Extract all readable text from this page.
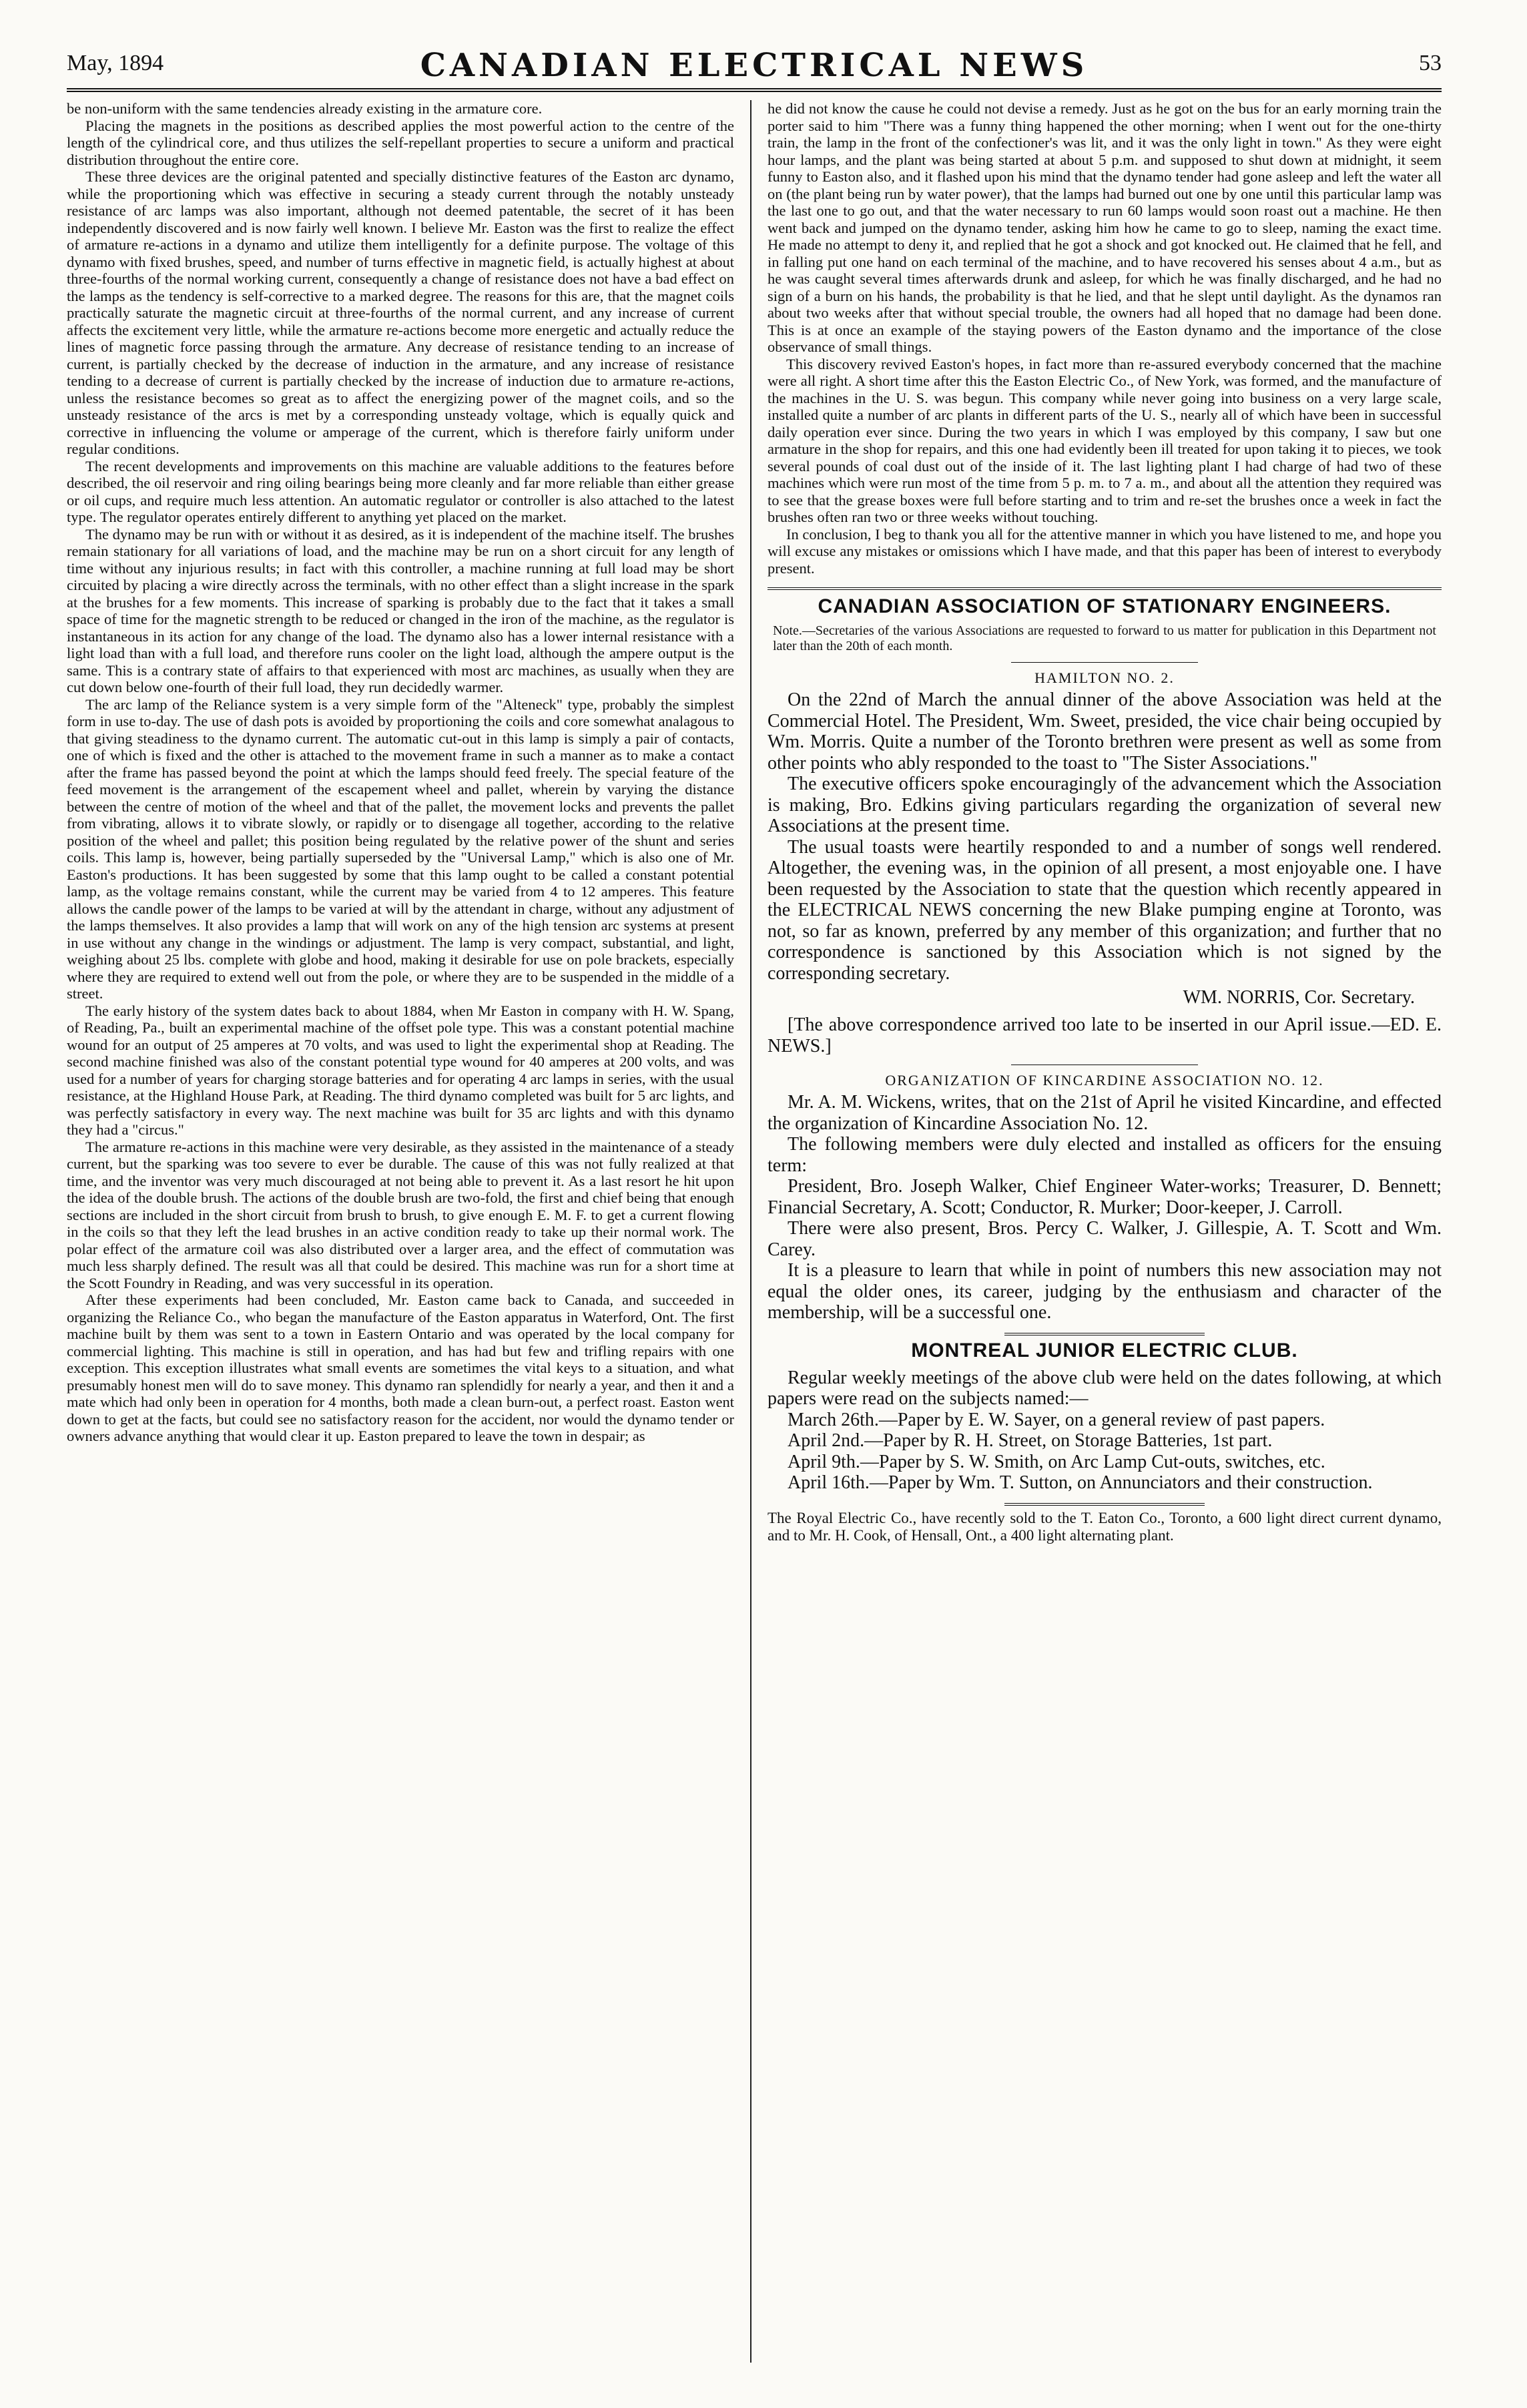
May, 1894	CANADIAN ELECTRICAL NEWS	53

be non-uniform with the same tendencies already existing in the armature core.

Placing the magnets in the positions as described applies the most powerful action to the centre of the length of the cylindrical core, and thus utilizes the self-repellant properties to secure a uniform and practical distribution throughout the entire core.

These three devices are the original patented and specially distinctive features of the Easton arc dynamo, while the proportioning which was effective in securing a steady current through the notably unsteady resistance of arc lamps was also important, although not deemed patentable, the secret of it has been independently discovered and is now fairly well known. I believe Mr. Easton was the first to realize the effect of armature re-actions in a dynamo and utilize them intelligently for a definite purpose. The voltage of this dynamo with fixed brushes, speed, and number of turns effective in magnetic field, is actually highest at about three-fourths of the normal working current, consequently a change of resistance does not have a bad effect on the lamps as the tendency is self-corrective to a marked degree. The reasons for this are, that the magnet coils practically saturate the magnetic circuit at three-fourths of the normal current, and any increase of current affects the excitement very little, while the armature re-actions become more energetic and actually reduce the lines of magnetic force passing through the armature. Any decrease of resistance tending to an increase of current, is partially checked by the decrease of induction in the armature, and any increase of resistance tending to a decrease of current is partially checked by the increase of induction due to armature re-actions, unless the resistance becomes so great as to affect the energizing power of the magnet coils, and so the unsteady resistance of the arcs is met by a corresponding unsteady voltage, which is equally quick and corrective in influencing the volume or amperage of the current, which is therefore fairly uniform under regular conditions.

The recent developments and improvements on this machine are valuable additions to the features before described, the oil reservoir and ring oiling bearings being more cleanly and far more reliable than either grease or oil cups, and require much less attention. An automatic regulator or controller is also attached to the latest type. The regulator operates entirely different to anything yet placed on the market.

The dynamo may be run with or without it as desired, as it is independent of the machine itself. The brushes remain stationary for all variations of load, and the machine may be run on a short circuit for any length of time without any injurious results; in fact with this controller, a machine running at full load may be short circuited by placing a wire directly across the terminals, with no other effect than a slight increase in the spark at the brushes for a few moments. This increase of sparking is probably due to the fact that it takes a small space of time for the magnetic strength to be reduced or changed in the iron of the machine, as the regulator is instantaneous in its action for any change of the load. The dynamo also has a lower internal resistance with a light load than with a full load, and therefore runs cooler on the light load, although the ampere output is the same. This is a contrary state of affairs to that experienced with most arc machines, as usually when they are cut down below one-fourth of their full load, they run decidedly warmer.

The arc lamp of the Reliance system is a very simple form of the "Alteneck" type, probably the simplest form in use to-day. The use of dash pots is avoided by proportioning the coils and core somewhat analagous to that giving steadiness to the dynamo current. The automatic cut-out in this lamp is simply a pair of contacts, one of which is fixed and the other is attached to the movement frame in such a manner as to make a contact after the frame has passed beyond the point at which the lamps should feed freely. The special feature of the feed movement is the arrangement of the escapement wheel and pallet, wherein by varying the distance between the centre of motion of the wheel and that of the pallet, the movement locks and prevents the pallet from vibrating, allows it to vibrate slowly, or rapidly or to disengage all together, according to the relative position of the wheel and pallet; this position being regulated by the relative power of the shunt and series coils. This lamp is, however, being partially superseded by the "Universal Lamp," which is also one of Mr. Easton's productions. It has been suggested by some that this lamp ought to be called a constant potential lamp, as the voltage remains constant, while the current may be varied from 4 to 12 amperes. This feature allows the candle power of the lamps to be varied at will by the attendant in charge, without any adjustment of the lamps themselves. It also provides a lamp that will work on any of the high tension arc systems at present in use without any change in the windings or adjustment. The lamp is very compact, substantial, and light, weighing about 25 lbs. complete with globe and hood, making it desirable for use on pole brackets, especially where they are required to extend well out from the pole, or where they are to be suspended in the middle of a street.

The early history of the system dates back to about 1884, when Mr Easton in company with H. W. Spang, of Reading, Pa., built an experimental machine of the offset pole type. This was a constant potential machine wound for an output of 25 amperes at 70 volts, and was used to light the experimental shop at Reading. The second machine finished was also of the constant potential type wound for 40 amperes at 200 volts, and was used for a number of years for charging storage batteries and for operating 4 arc lamps in series, with the usual resistance, at the Highland House Park, at Reading. The third dynamo completed was built for 5 arc lights, and was perfectly satisfactory in every way. The next machine was built for 35 arc lights and with this dynamo they had a "circus."

The armature re-actions in this machine were very desirable, as they assisted in the maintenance of a steady current, but the sparking was too severe to ever be durable. The cause of this was not fully realized at that time, and the inventor was very much discouraged at not being able to prevent it. As a last resort he hit upon the idea of the double brush. The actions of the double brush are two-fold, the first and chief being that enough sections are included in the short circuit from brush to brush, to give enough E. M. F. to get a current flowing in the coils so that they left the lead brushes in an active condition ready to take up their normal work. The polar effect of the armature coil was also distributed over a larger area, and the effect of commutation was much less sharply defined. The result was all that could be desired. This machine was run for a short time at the Scott Foundry in Reading, and was very successful in its operation.

After these experiments had been concluded, Mr. Easton came back to Canada, and succeeded in organizing the Reliance Co., who began the manufacture of the Easton apparatus in Waterford, Ont. The first machine built by them was sent to a town in Eastern Ontario and was operated by the local company for commercial lighting. This machine is still in operation, and has had but few and trifling repairs with one exception. This exception illustrates what small events are sometimes the vital keys to a situation, and what presumably honest men will do to save money. This dynamo ran splendidly for nearly a year, and then it and a mate which had only been in operation for 4 months, both made a clean burn-out, a perfect roast. Easton went down to get at the facts, but could see no satisfactory reason for the accident, nor would the dynamo tender or owners advance anything that would clear it up. Easton prepared to leave the town in despair; as

he did not know the cause he could not devise a remedy. Just as he got on the bus for an early morning train the porter said to him "There was a funny thing happened the other morning; when I went out for the one-thirty train, the lamp in the front of the confectioner's was lit, and it was the only light in town." As they were eight hour lamps, and the plant was being started at about 5 p.m. and supposed to shut down at midnight, it seem funny to Easton also, and it flashed upon his mind that the dynamo tender had gone asleep and left the water all on (the plant being run by water power), that the lamps had burned out one by one until this particular lamp was the last one to go out, and that the water necessary to run 60 lamps would soon roast out a machine. He then went back and jumped on the dynamo tender, asking him how he came to go to sleep, naming the exact time. He made no attempt to deny it, and replied that he got a shock and got knocked out. He claimed that he fell, and in falling put one hand on each terminal of the machine, and to have recovered his senses about 4 a.m., but as he was caught several times afterwards drunk and asleep, for which he was finally discharged, and he had no sign of a burn on his hands, the probability is that he lied, and that he slept until daylight. As the dynamos ran about two weeks after that without special trouble, the owners had all hoped that no damage had been done. This is at once an example of the staying powers of the Easton dynamo and the importance of the close observance of small things.

This discovery revived Easton's hopes, in fact more than re-assured everybody concerned that the machine were all right. A short time after this the Easton Electric Co., of New York, was formed, and the manufacture of the machines in the U. S. was begun. This company while never going into business on a very large scale, installed quite a number of arc plants in different parts of the U. S., nearly all of which have been in successful daily operation ever since. During the two years in which I was employed by this company, I saw but one armature in the shop for repairs, and this one had evidently been ill treated for upon taking it to pieces, we took several pounds of coal dust out of the inside of it. The last lighting plant I had charge of had two of these machines which were run most of the time from 5 p. m. to 7 a. m., and about all the attention they required was to see that the grease boxes were full before starting and to trim and re-set the brushes once a week in fact the brushes often ran two or three weeks without touching.

In conclusion, I beg to thank you all for the attentive manner in which you have listened to me, and hope you will excuse any mistakes or omissions which I have made, and that this paper has been of interest to everybody present.

CANADIAN ASSOCIATION OF STATIONARY ENGINEERS.
Note.—Secretaries of the various Associations are requested to forward to us matter for publication in this Department not later than the 20th of each month.
HAMILTON NO. 2.

On the 22nd of March the annual dinner of the above Association was held at the Commercial Hotel. The President, Wm. Sweet, presided, the vice chair being occupied by Wm. Morris. Quite a number of the Toronto brethren were present as well as some from other points who ably responded to the toast to "The Sister Associations."

The executive officers spoke encouragingly of the advancement which the Association is making, Bro. Edkins giving particulars regarding the organization of several new Associations at the present time.

The usual toasts were heartily responded to and a number of songs well rendered. Altogether, the evening was, in the opinion of all present, a most enjoyable one. I have been requested by the Association to state that the question which recently appeared in the ELECTRICAL NEWS concerning the new Blake pumping engine at Toronto, was not, so far as known, preferred by any member of this organization; and further that no correspondence is sanctioned by this Association which is not signed by the corresponding secretary.

WM. NORRIS, Cor. Secretary.

[The above correspondence arrived too late to be inserted in our April issue.—ED. E. NEWS.]

ORGANIZATION OF KINCARDINE ASSOCIATION NO. 12.

Mr. A. M. Wickens, writes, that on the 21st of April he visited Kincardine, and effected the organization of Kincardine Association No. 12.

The following members were duly elected and installed as officers for the ensuing term:

President, Bro. Joseph Walker, Chief Engineer Water-works; Treasurer, D. Bennett; Financial Secretary, A. Scott; Conductor, R. Murker; Door-keeper, J. Carroll.

There were also present, Bros. Percy C. Walker, J. Gillespie, A. T. Scott and Wm. Carey.

It is a pleasure to learn that while in point of numbers this new association may not equal the older ones, its career, judging by the enthusiasm and character of the membership, will be a successful one.

MONTREAL JUNIOR ELECTRIC CLUB.

Regular weekly meetings of the above club were held on the dates following, at which papers were read on the subjects named:—

March 26th.—Paper by E. W. Sayer, on a general review of past papers.

April 2nd.—Paper by R. H. Street, on Storage Batteries, 1st part.

April 9th.—Paper by S. W. Smith, on Arc Lamp Cut-outs, switches, etc.

April 16th.—Paper by Wm. T. Sutton, on Annunciators and their construction.

The Royal Electric Co., have recently sold to the T. Eaton Co., Toronto, a 600 light direct current dynamo, and to Mr. H. Cook, of Hensall, Ont., a 400 light alternating plant.
